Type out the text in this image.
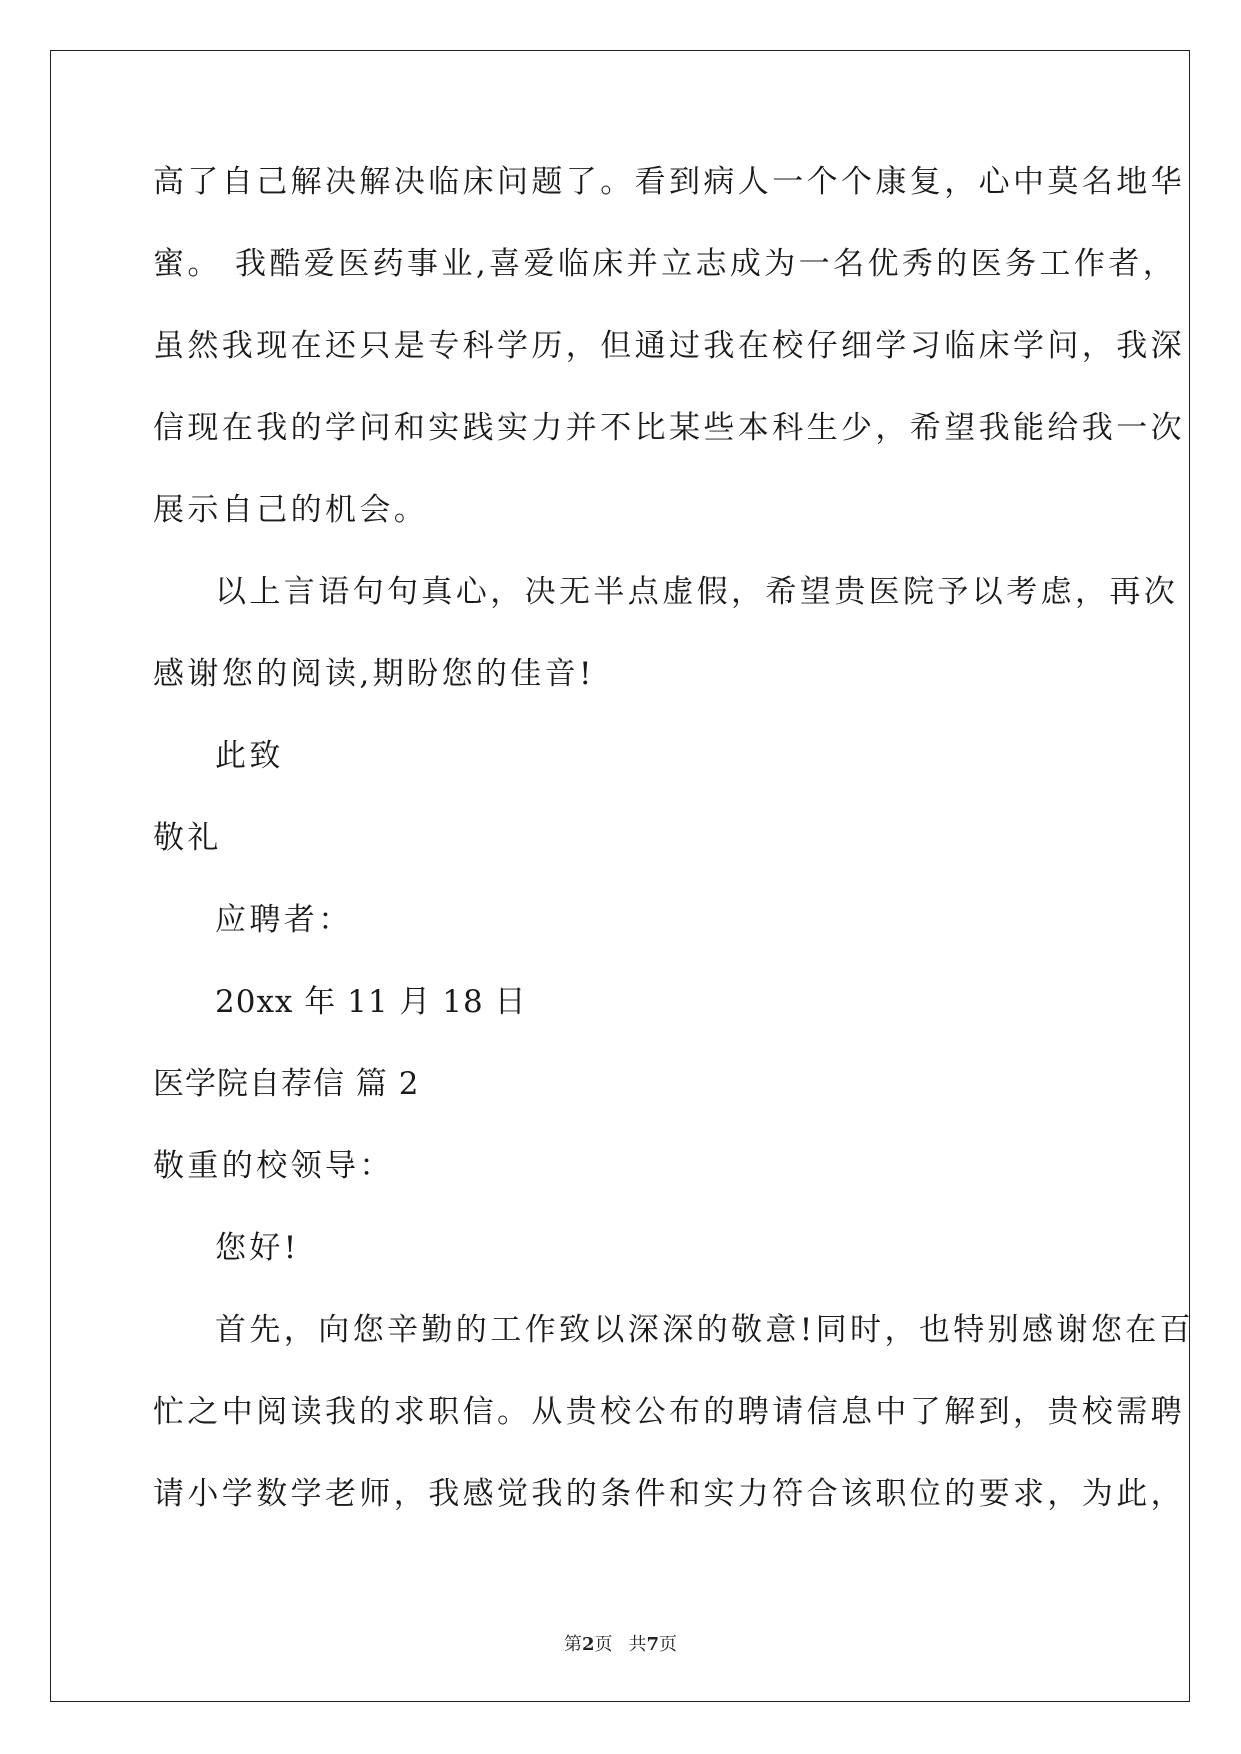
高了自己解决解决临床问题了。看到病人一个个康复，心中莫名地华
蜜。 我酷爱医药事业,喜爱临床并立志成为一名优秀的医务工作者，
虽然我现在还只是专科学历，但通过我在校仔细学习临床学问，我深
信现在我的学问和实践实力并不比某些本科生少，希望我能给我一次
展示自己的机会。
以上言语句句真心，决无半点虚假，希望贵医院予以考虑，再次
感谢您的阅读,期盼您的佳音!
此致
敬礼
应聘者：
20xx 年 11 月 18 日
医学院自荐信 篇 2
敬重的校领导：
您好!
首先，向您辛勤的工作致以深深的敬意!同时，也特别感谢您在百
忙之中阅读我的求职信。从贵校公布的聘请信息中了解到，贵校需聘
请小学数学老师，我感觉我的条件和实力符合该职位的要求，为此，
第2页 共7页
